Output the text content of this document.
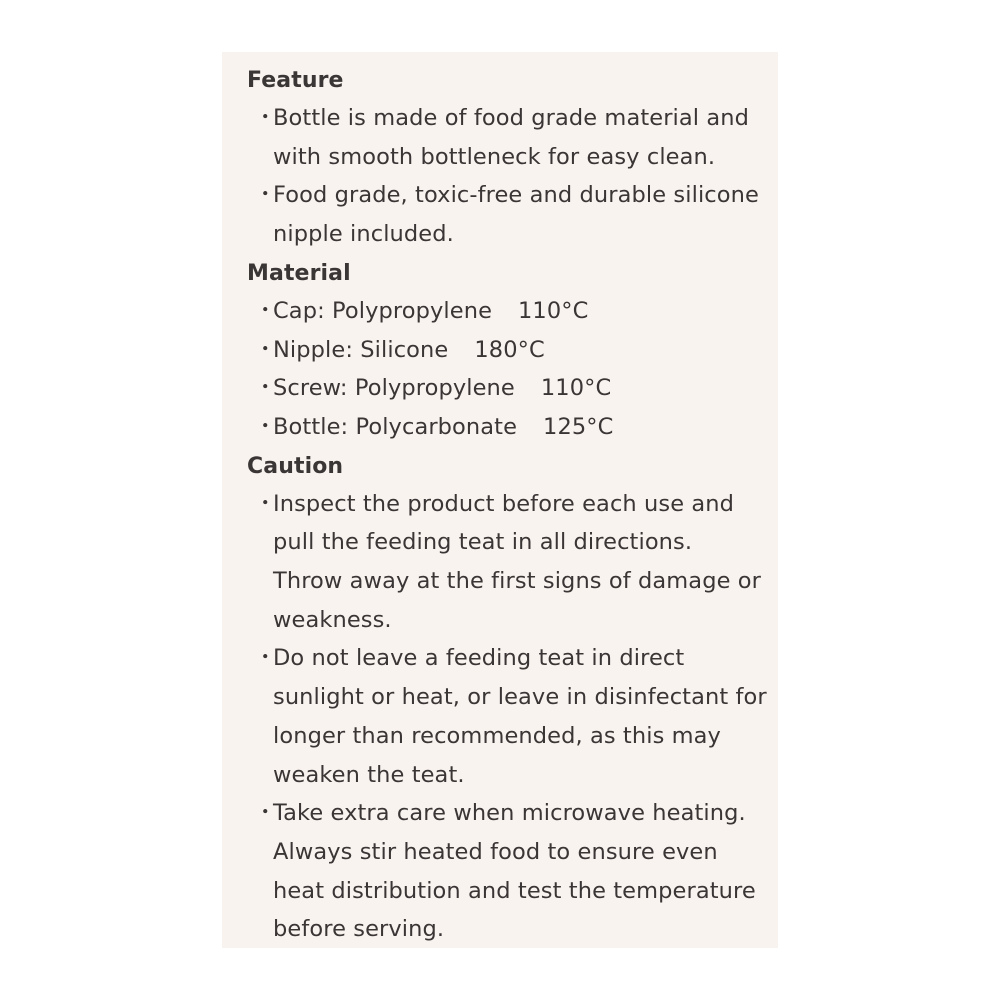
Feature
・
Bottle is made of food grade material and with smooth bottleneck for easy clean.
・
Food grade, toxic-free and durable silicone nipple included.
Material
・
Cap: Polypropylene 110°C
・
Nipple: Silicone 180°C
・
Screw: Polypropylene 110°C
・
Bottle: Polycarbonate 125°C
Caution
・
Inspect the product before each use and pull the feeding teat in all directions. Throw away at the first signs of damage or weakness.
・
Do not leave a feeding teat in direct sunlight or heat, or leave in disinfectant for longer than recommended, as this may weaken the teat.
・
Take extra care when microwave heating. Always stir heated food to ensure even heat distribution and test the temperature before serving.
